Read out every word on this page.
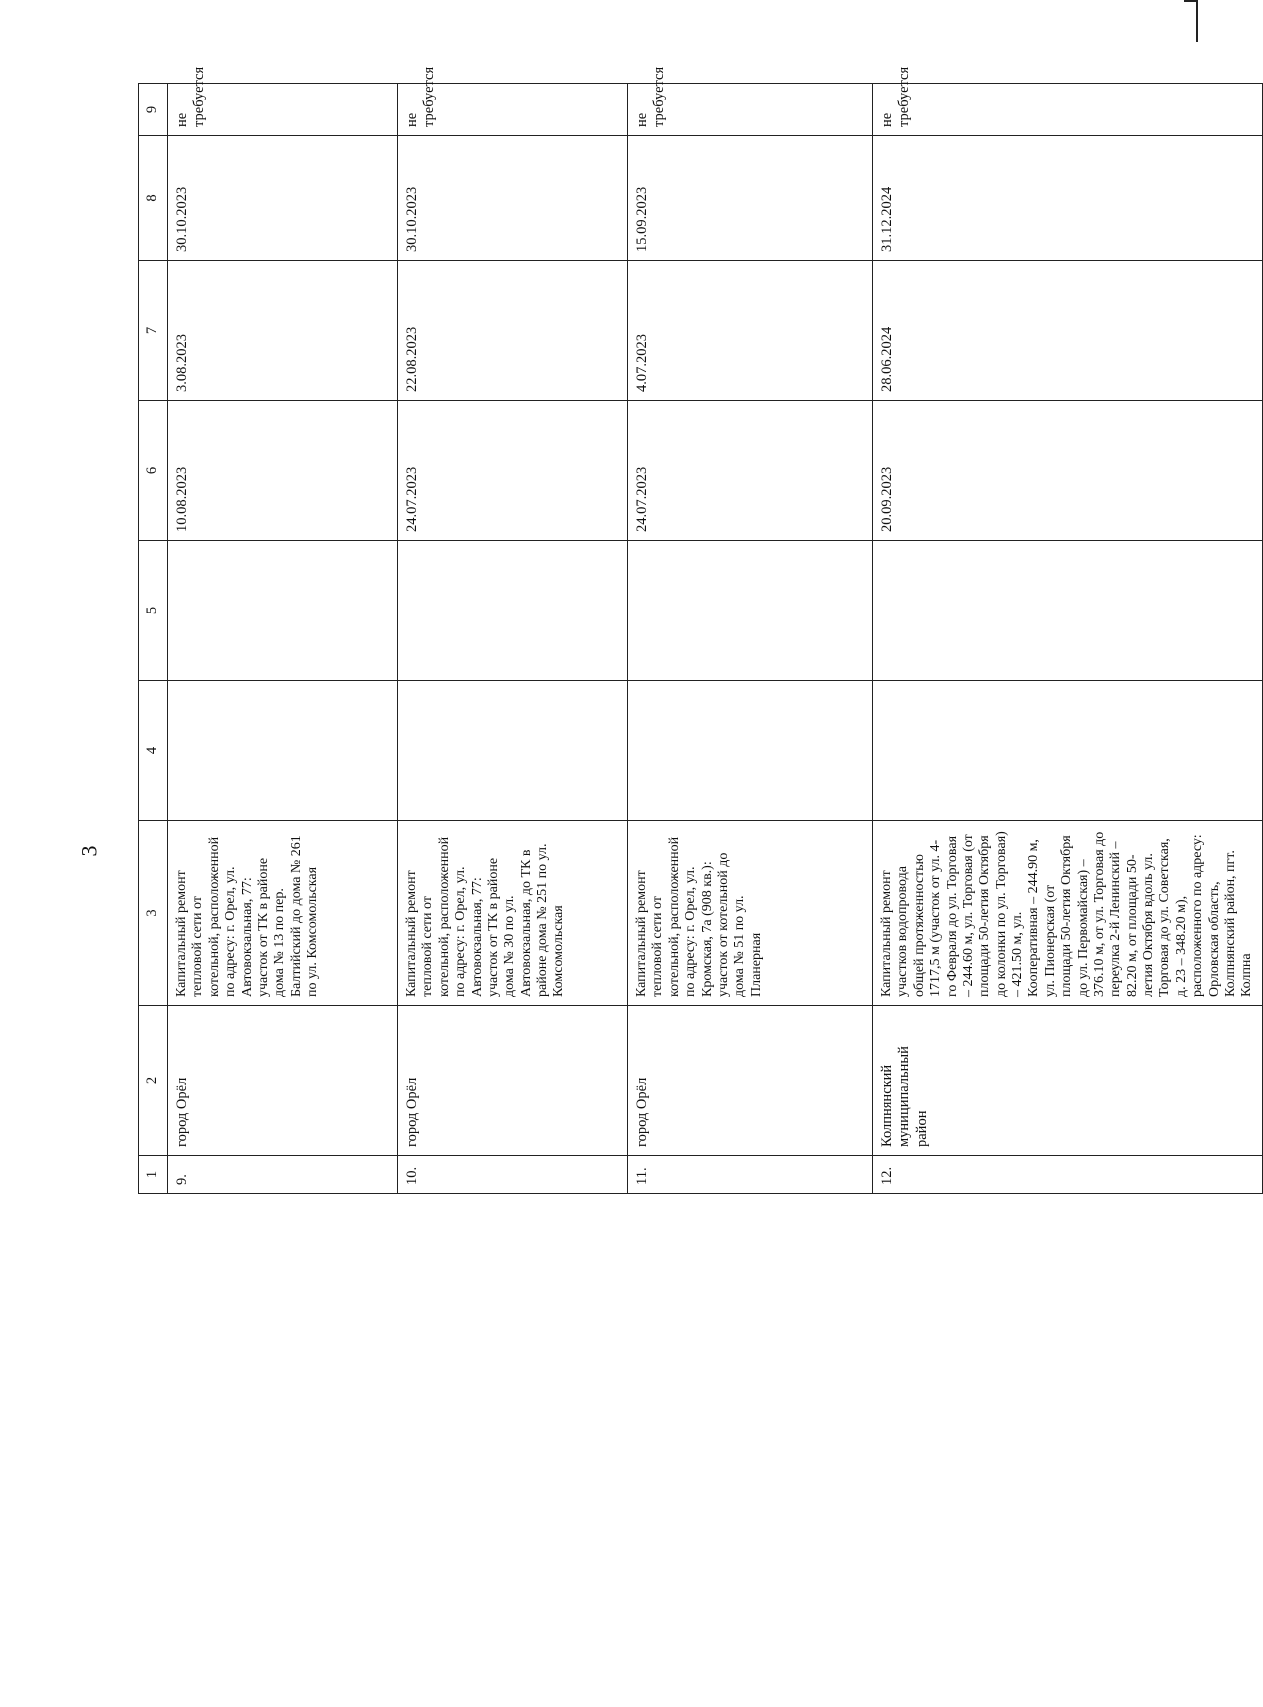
3
1	2	3	4	5	6	7	8	9
9.	город Орёл	Капитальный ремонт тепловой сети от котельной, расположенной по адресу: г. Орел, ул. Автовокзальная, 77: участок от ТК в районе дома № 13 по пер. Балтийский до дома № 261 по ул. Комсомольская			10.08.2023	3.08.2023	30.10.2023	не требуется
10.	город Орёл	Капитальный ремонт тепловой сети от котельной, расположенной по адресу: г. Орел, ул. Автовокзальная, 77: участок от ТК в районе дома № 30 по ул. Автовокзальная, до ТК в районе дома № 251 по ул. Комсомольская			24.07.2023	22.08.2023	30.10.2023	не требуется
11.	город Орёл	Капитальный ремонт тепловой сети от котельной, расположенной по адресу: г. Орел, ул. Кромская, 7а (908 кв.): участок от котельной до дома № 51 по ул. Планерная			24.07.2023	4.07.2023	15.09.2023	не требуется
12.	Колпнянский муниципальный район	Капитальный ремонт участков водопровода общей протяженностью 1717,5 м (участок от ул. 4-го Февраля до ул. Торговая – 244.60 м, ул. Торговая (от площади 50-летия Октября до колонки по ул. Торговая) – 421.50 м, ул. Кооперативная – 244.90 м, ул. Пионерская (от площади 50-летия Октября до ул. Первомайская) – 376.10 м, от ул. Торговая до переулка 2-й Ленинский – 82.20 м, от площади 50-летия Октября вдоль ул. Торговая до ул. Советская, д. 23 – 348.20 м), расположенного по адресу: Орловская область, Колпнянский район, пгт. Колпна			20.09.2023	28.06.2024	31.12.2024	не требуется
